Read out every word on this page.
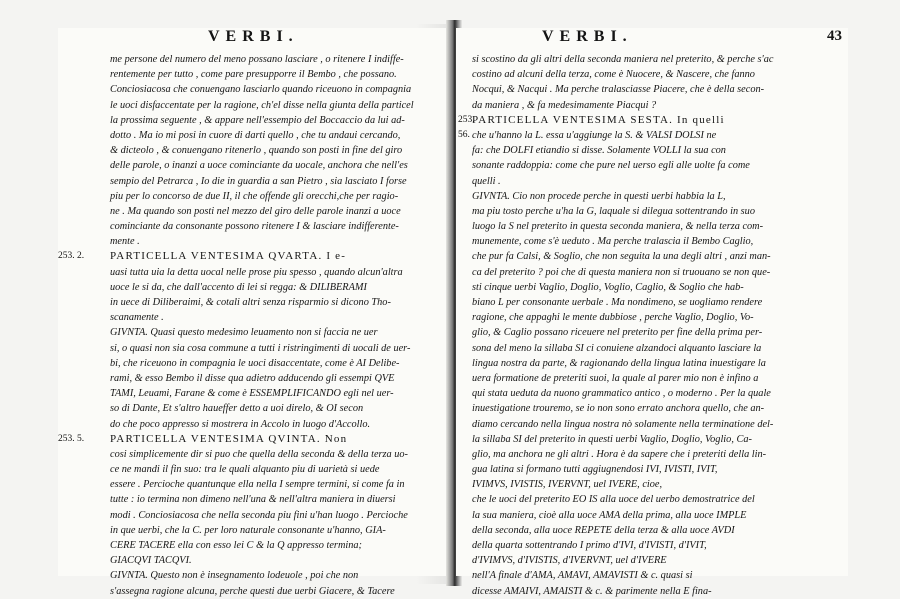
VERBI.
me persone del numero del meno possano lasciare , o ritenere I indiffe-
rentemente per tutto , come pare presupporre il Bembo , che possano.
Conciosiacosa che conuengano lasciarlo quando riceuono in compagnia
le uoci disfaccentate per la ragione, ch'el disse nella giunta della particel
la prossima seguente , & appare nell'essempio del Boccaccio da lui ad-
dotto . Ma io mi posi in cuore di darti quello , che tu andaui cercando,
& dicteolo , & conuengano ritenerlo , quando son posti in fine del giro
delle parole, o inanzi a uoce cominciante da uocale, anchora che nell'es
sempio del Petrarca , Io die in guardia a san Pietro , sia lasciato I forse
piu per lo concorso de due II, il che offende gli orecchi,che per ragio-
ne . Ma quando son posti nel mezzo del giro delle parole inanzi a uoce
cominciante da consonante possono ritenere I & lasciare indifferente-
mente .
253. 2. PARTICELLA VENTESIMA QVARTA. I e-
uasi tutta uia la detta uocal nelle prose piu spesso , quando alcun'altra
uoce le si da, che dall'accento di lei si regga: & DILIBERAMI
in uece di Diliberaimi, & cotali altri senza risparmio si dicono Tho-
scanamente .
GIVNTA. Quasi questo medesimo leuamento non si faccia ne uer
si, o quasi non sia cosa commune a tutti i ristringimenti di uocali de uer-
bi, che riceuono in compagnia le uoci disaccentate, come è AI Delibe-
rami, & esso Bembo il disse qua adietro adducendo gli essempi QVE
TAMI, Leuami, Farane & come è ESSEMPLIFICANDO egli nel uer-
so di Dante, Et s'altro haueffer detto a uoi direlo, & OI secon
do che poco appresso si mostrera in Accolo in luogo d'Accollo.
253. 5. PARTICELLA VENTESIMA QVINTA. Non
cosi simplicemente dir si puo che quella della seconda & della terza uo-
ce ne mandi il fin suo: tra le quali alquanto piu di uarietà si uede
essere . Percioche quantunque ella nella I sempre termini, si come fa in
tutte : io termina non dimeno nell'una & nell'altra maniera in diuersi
modi . Conciosiacosa che nella seconda piu fini u'han luogo . Percioche
in que uerbi, che la C. per loro naturale consonante u'hanno, GIA-
CERE TACERE ella con esso lei C & la Q appresso termina;
GIACQVI TACQVI.
GIVNTA. Questo non è insegnamento lodeuole , poi che non
s'assegna ragione alcuna, perche questi due uerbi Giacere, & Tacere
VERBI.	43
si scostino da gli altri della seconda maniera nel preterito, & perche s'ac
costino ad alcuni della terza, come è Nuocere, & Nascere, che fanno
Nocqui, & Nacqui . Ma perche tralasciasse Piacere, che è della secon-
da maniera , & fa medesimamente Piacqui ?
253.
PARTICELLA VENTESIMA SESTA. In quelli
56. che u'hanno la L. essa u'aggiunge la S. & VALSI DOLSI ne
fa: che DOLFI etiandio si disse. Solamente VOLLI la sua con
sonante raddoppia: come che pure nel uerso egli alle uolte fa come
quelli .
GIVNTA. Cio non procede perche in questi uerbi habbia la L,
ma piu tosto perche u'ha la G, laquale si dilegua sottentrando in suo
luogo la S nel preterito in questa seconda maniera, & nella terza com-
munemente, come s'è ueduto . Ma perche tralascia il Bembo Caglio,
che pur fa Calsi, & Soglio, che non seguita la una degli altri , anzi man-
ca del preterito ? poi che di questa maniera non si truouano se non que-
sti cinque uerbi Vaglio, Doglio, Voglio, Caglio, & Soglio che hab-
biano L per consonante uerbale . Ma nondimeno, se uogliamo rendere
ragione, che appaghi le mente dubbiose , perche Vaglio, Doglio, Vo-
glio, & Caglio possano riceuere nel preterito per fine della prima per-
sona del meno la sillaba SI ci conuiene alzandoci alquanto lasciare la
lingua nostra da parte, & ragionando della lingua latina inuestigare la
uera formatione de preteriti suoi, la quale al parer mio non è infino a
qui stata ueduta da nuono grammatico antico , o moderno . Per la quale
inuestigatione trouremo, se io non sono errato anchora quello, che an-
diamo cercando nella lingua nostra nò solamente nella terminatione del-
la sillaba SI del preterito in questi uerbi Vaglio, Doglio, Voglio, Ca-
glio, ma anchora ne gli altri . Hora è da sapere che i preteriti della lin-
gua latina si formano tutti aggiugnendosi IVI, IVISTI, IVIT,
IVIMVS, IVISTIS, IVERVNT, uel IVERE, cioe,
che le uoci del preterito EO IS alla uoce del uerbo demostratrice del
la sua maniera, cioè alla uoce AMA della prima, alla uoce IMPLE
della seconda, alla uoce REPETE della terza & alla uoce AVDI
della quarta sottentrando I primo d'IVI, d'IVISTI, d'IVIT,
d'IVIMVS, d'IVISTIS, d'IVERVNT, uel d'IVERE
nell'A finale d'AMA, AMAVI, AMAVISTI & c. quasi si
dicesse AMAIVI, AMAISTI & c. & parimente nella E fina-
